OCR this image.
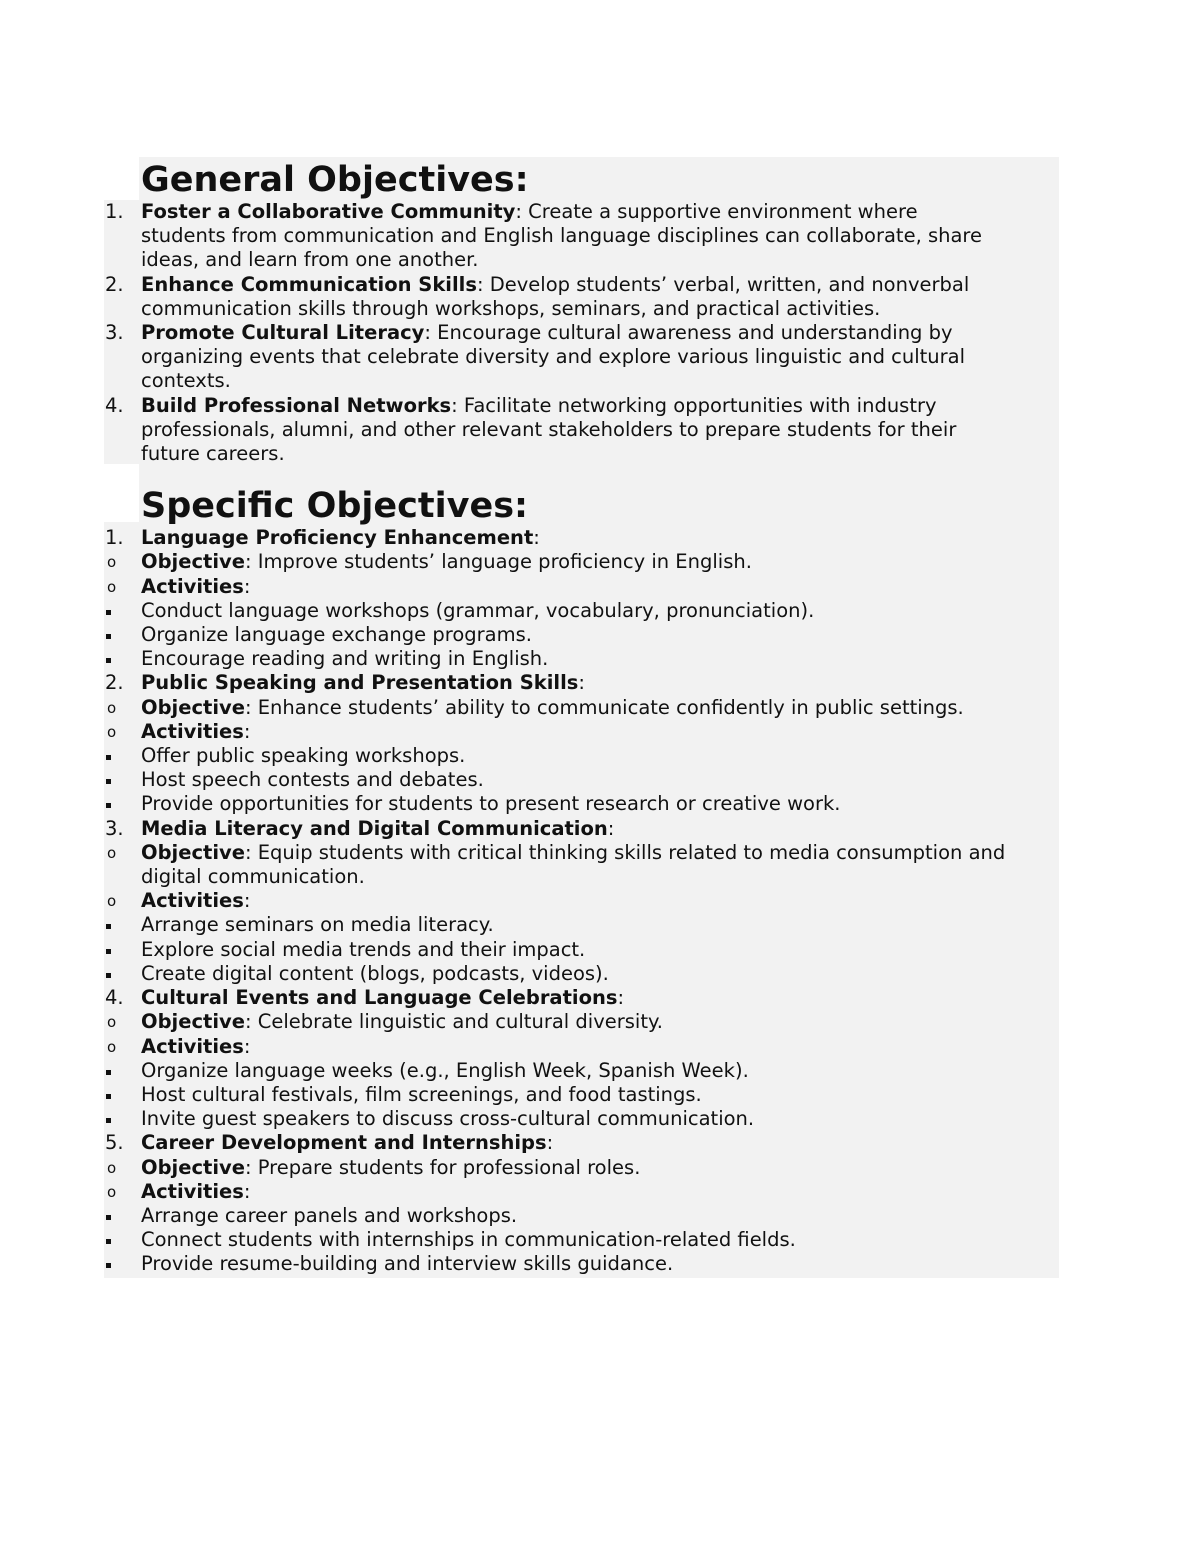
General Objectives:
1. Foster a Collaborative Community: Create a supportive environment where
students from communication and English language disciplines can collaborate, share
ideas, and learn from one another.
2. Enhance Communication Skills: Develop students’ verbal, written, and nonverbal
communication skills through workshops, seminars, and practical activities.
3. Promote Cultural Literacy: Encourage cultural awareness and understanding by
organizing events that celebrate diversity and explore various linguistic and cultural
contexts.
4. Build Professional Networks: Facilitate networking opportunities with industry
professionals, alumni, and other relevant stakeholders to prepare students for their
future careers.
Specific Objectives:
1. Language Proficiency Enhancement:
o Objective: Improve students’ language proficiency in English.
o Activities:
Conduct language workshops (grammar, vocabulary, pronunciation).
Organize language exchange programs.
Encourage reading and writing in English.
2. Public Speaking and Presentation Skills:
o Objective: Enhance students’ ability to communicate confidently in public settings.
o Activities:
Offer public speaking workshops.
Host speech contests and debates.
Provide opportunities for students to present research or creative work.
3. Media Literacy and Digital Communication:
o Objective: Equip students with critical thinking skills related to media consumption and
digital communication.
o Activities:
Arrange seminars on media literacy.
Explore social media trends and their impact.
Create digital content (blogs, podcasts, videos).
4. Cultural Events and Language Celebrations:
o Objective: Celebrate linguistic and cultural diversity.
o Activities:
Organize language weeks (e.g., English Week, Spanish Week).
Host cultural festivals, film screenings, and food tastings.
Invite guest speakers to discuss cross-cultural communication.
5. Career Development and Internships:
o Objective: Prepare students for professional roles.
o Activities:
Arrange career panels and workshops.
Connect students with internships in communication-related fields.
Provide resume-building and interview skills guidance.
